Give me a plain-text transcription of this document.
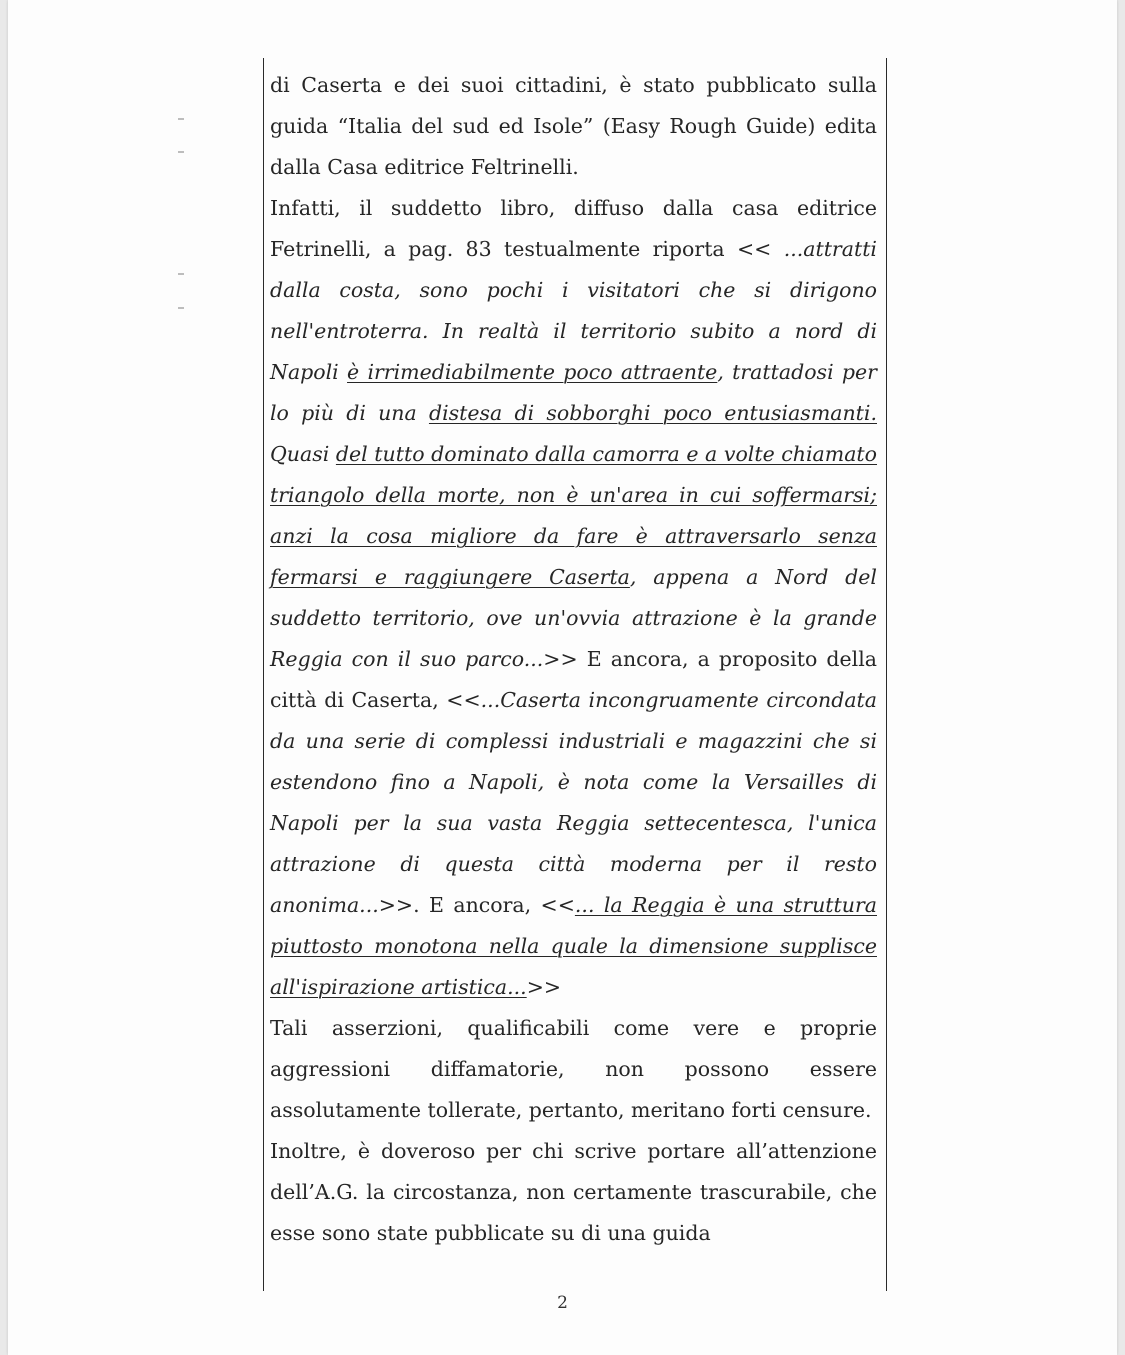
di Caserta e dei suoi cittadini, è stato pubblicato sulla guida “Italia del sud ed Isole” (Easy Rough Guide) edita dalla Casa editrice Feltrinelli.

Infatti, il suddetto libro, diffuso dalla casa editrice Fetrinelli, a pag. 83 testualmente riporta << ...attratti dalla costa, sono pochi i visitatori che si dirigono nell'entroterra. In realtà il territorio subito a nord di Napoli è irrimediabilmente poco attraente, trattadosi per lo più di una distesa di sobborghi poco entusiasmanti. Quasi del tutto dominato dalla camorra e a volte chiamato triangolo della morte, non è un'area in cui soffermarsi; anzi la cosa migliore da fare è attraversarlo senza fermarsi e raggiungere Caserta, appena a Nord del suddetto territorio, ove un'ovvia attrazione è la grande Reggia con il suo parco...>> E ancora, a proposito della città di Caserta, <<...Caserta incongruamente circondata da una serie di complessi industriali e magazzini che si estendono fino a Napoli, è nota come la Versailles di Napoli per la sua vasta Reggia settecentesca, l'unica attrazione di questa città moderna per il resto anonima...>>. E ancora, <<... la Reggia è una struttura piuttosto monotona nella quale la dimensione supplisce all'ispirazione artistica...>>

Tali asserzioni, qualificabili come vere e proprie aggressioni diffamatorie, non possono essere assolutamente tollerate, pertanto, meritano forti censure.

Inoltre, è doveroso per chi scrive portare all’attenzione dell’A.G. la circostanza, non certamente trascurabile, che esse sono state pubblicate su di una guida

2
